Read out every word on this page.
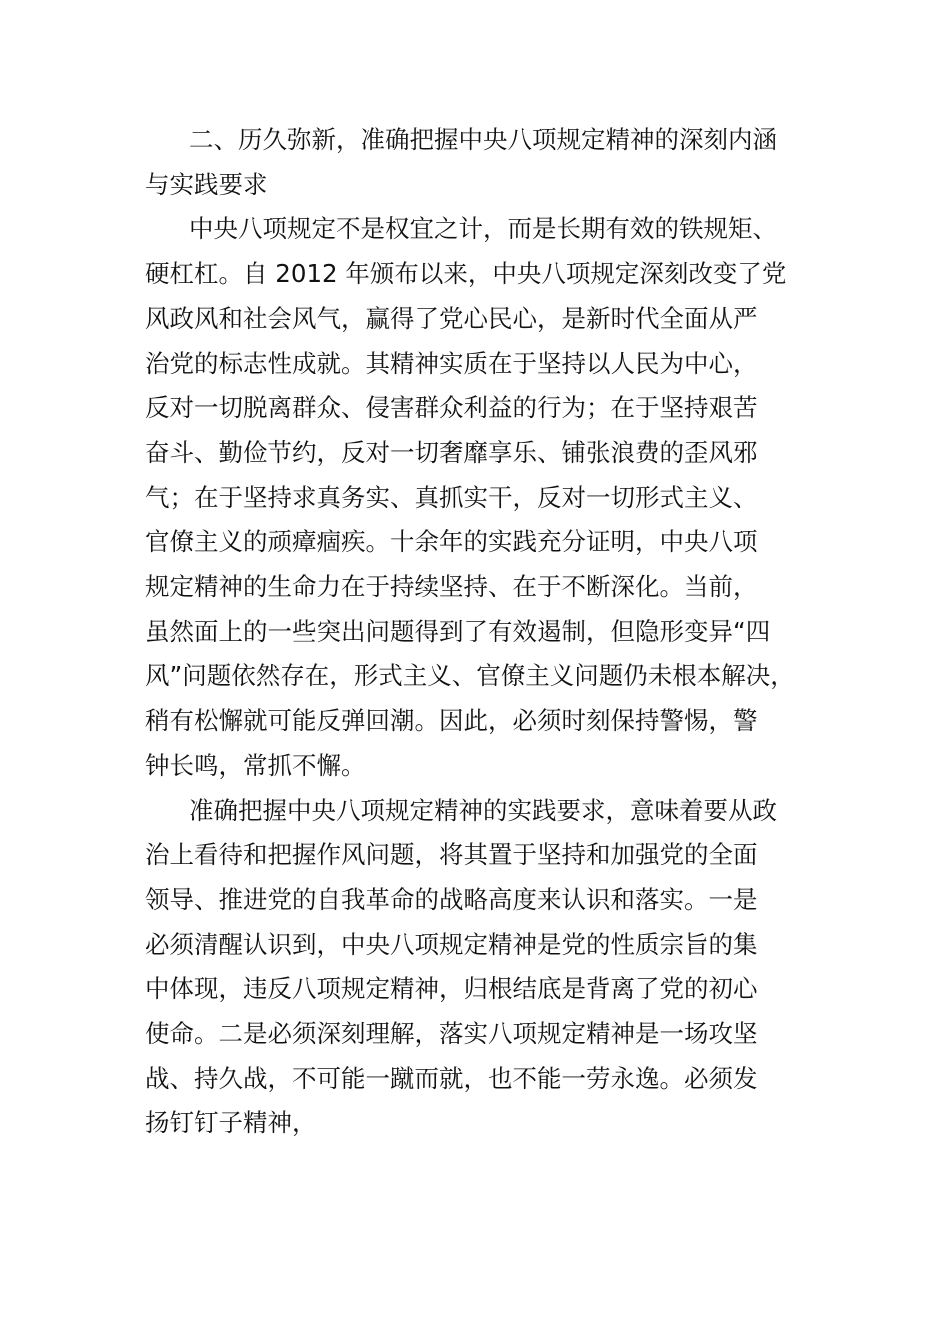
二、历久弥新，准确把握中央八项规定精神的深刻内涵
与实践要求
中央八项规定不是权宜之计，而是长期有效的铁规矩、
硬杠杠。自 2012 年颁布以来，中央八项规定深刻改变了党
风政风和社会风气，赢得了党心民心，是新时代全面从严
治党的标志性成就。其精神实质在于坚持以人民为中心，
反对一切脱离群众、侵害群众利益的行为；在于坚持艰苦
奋斗、勤俭节约，反对一切奢靡享乐、铺张浪费的歪风邪
气；在于坚持求真务实、真抓实干，反对一切形式主义、
官僚主义的顽瘴痼疾。十余年的实践充分证明，中央八项
规定精神的生命力在于持续坚持、在于不断深化。当前，
虽然面上的一些突出问题得到了有效遏制，但隐形变异“四
风”问题依然存在，形式主义、官僚主义问题仍未根本解决，
稍有松懈就可能反弹回潮。因此，必须时刻保持警惕，警
钟长鸣，常抓不懈。
准确把握中央八项规定精神的实践要求，意味着要从政
治上看待和把握作风问题，将其置于坚持和加强党的全面
领导、推进党的自我革命的战略高度来认识和落实。一是
必须清醒认识到，中央八项规定精神是党的性质宗旨的集
中体现，违反八项规定精神，归根结底是背离了党的初心
使命。二是必须深刻理解，落实八项规定精神是一场攻坚
战、持久战，不可能一蹴而就，也不能一劳永逸。必须发
扬钉钉子精神，
